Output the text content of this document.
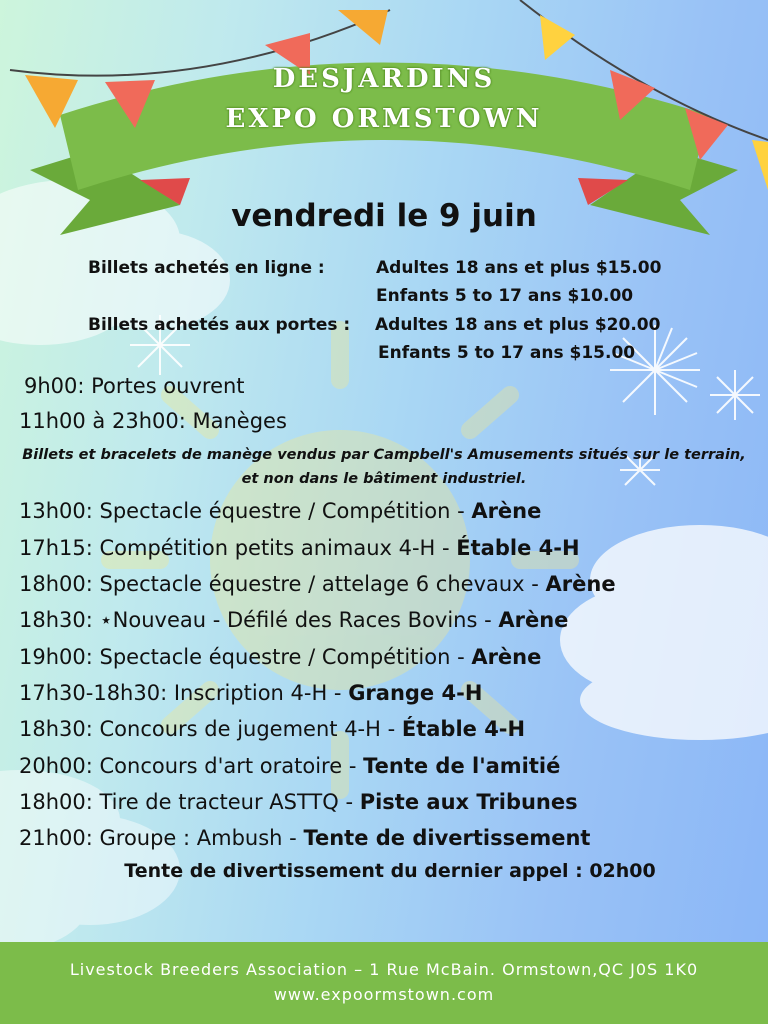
DESJARDINS
EXPO ORMSTOWN
vendredi le 9 juin
Billets achetés en ligne :	Adultes 18 ans et plus $15.00
Enfants 5 to 17 ans $10.00
Billets achetés aux portes : Adultes 18 ans et plus $20.00
Enfants 5 to 17 ans $15.00
9h00: Portes ouvrent
11h00 à 23h00: Manèges
Billets et bracelets de manège vendus par Campbell's Amusements situés sur le terrain, et non dans le bâtiment industriel.
13h00: Spectacle équestre / Compétition - Arène
17h15: Compétition petits animaux 4-H - Étable 4-H
18h00: Spectacle équestre / attelage 6 chevaux - Arène
18h30: ⋆Nouveau - Défilé des Races Bovins - Arène
19h00: Spectacle équestre / Compétition - Arène
17h30-18h30: Inscription 4-H - Grange 4-H
18h30: Concours de jugement 4-H - Étable 4-H
20h00: Concours d'art oratoire - Tente de l'amitié
18h00: Tire de tracteur ASTTQ - Piste aux Tribunes
21h00: Groupe : Ambush - Tente de divertissement
Tente de divertissement du dernier appel : 02h00
Livestock Breeders Association – 1 Rue McBain. Ormstown,QC J0S 1K0
www.expoormstown.com
